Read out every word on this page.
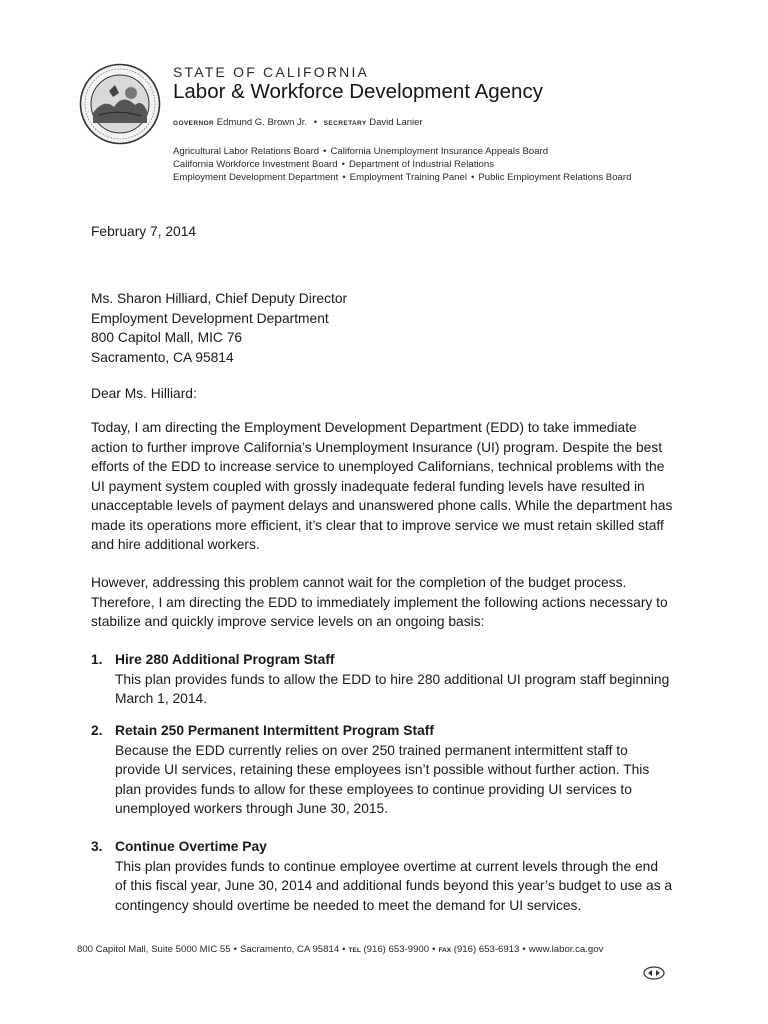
STATE OF CALIFORNIA
Labor & Workforce Development Agency
GOVERNOR Edmund G. Brown Jr. • SECRETARY David Lanier
Agricultural Labor Relations Board • California Unemployment Insurance Appeals Board
California Workforce Investment Board • Department of Industrial Relations
Employment Development Department • Employment Training Panel • Public Employment Relations Board
February 7, 2014
Ms. Sharon Hilliard, Chief Deputy Director
Employment Development Department
800 Capitol Mall, MIC 76
Sacramento, CA 95814
Dear Ms. Hilliard:
Today, I am directing the Employment Development Department (EDD) to take immediate
action to further improve California’s Unemployment Insurance (UI) program. Despite the best
efforts of the EDD to increase service to unemployed Californians, technical problems with the
UI payment system coupled with grossly inadequate federal funding levels have resulted in
unacceptable levels of payment delays and unanswered phone calls. While the department has
made its operations more efficient, it’s clear that to improve service we must retain skilled staff
and hire additional workers.
However, addressing this problem cannot wait for the completion of the budget process.
Therefore, I am directing the EDD to immediately implement the following actions necessary to
stabilize and quickly improve service levels on an ongoing basis:
1. Hire 280 Additional Program Staff
This plan provides funds to allow the EDD to hire 280 additional UI program staff beginning
March 1, 2014.
2. Retain 250 Permanent Intermittent Program Staff
Because the EDD currently relies on over 250 trained permanent intermittent staff to
provide UI services, retaining these employees isn’t possible without further action. This
plan provides funds to allow for these employees to continue providing UI services to
unemployed workers through June 30, 2015.
3. Continue Overtime Pay
This plan provides funds to continue employee overtime at current levels through the end
of this fiscal year, June 30, 2014 and additional funds beyond this year’s budget to use as a
contingency should overtime be needed to meet the demand for UI services.
800 Capitol Mall, Suite 5000 MIC 55 • Sacramento, CA 95814 • TEL (916) 653-9900 • FAX (916) 653-6913 • www.labor.ca.gov
